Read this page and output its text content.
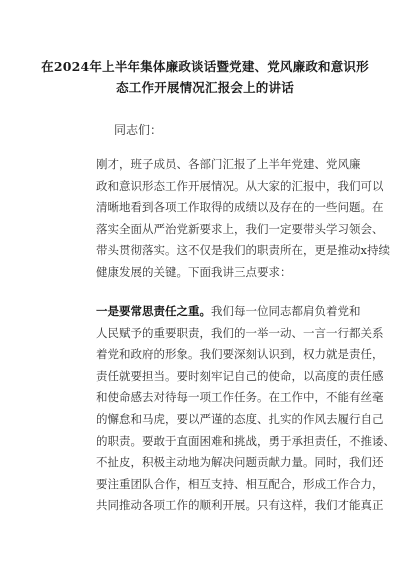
在2024年上半年集体廉政谈话暨党建、党风廉政和意识形
态工作开展情况汇报会上的讲话
同志们：
刚才，班子成员、各部门汇报了上半年党建、党风廉
政和意识形态工作开展情况。从大家的汇报中，我们可以
清晰地看到各项工作取得的成绩以及存在的一些问题。在
落实全面从严治党新要求上，我们一定要带头学习领会、
带头贯彻落实。这不仅是我们的职责所在，更是推动x持续
健康发展的关键。下面我讲三点要求：
一是要常思责任之重。我们每一位同志都肩负着党和
人民赋予的重要职责，我们的一举一动、一言一行都关系
着党和政府的形象。我们要深刻认识到，权力就是责任，
责任就要担当。要时刻牢记自己的使命，以高度的责任感
和使命感去对待每一项工作任务。在工作中，不能有丝毫
的懈怠和马虎，要以严谨的态度、扎实的作风去履行自己
的职责。要敢于直面困难和挑战，勇于承担责任，不推诿、
不扯皮，积极主动地为解决问题贡献力量。同时，我们还
要注重团队合作，相互支持、相互配合，形成工作合力，
共同推动各项工作的顺利开展。只有这样，我们才能真正
